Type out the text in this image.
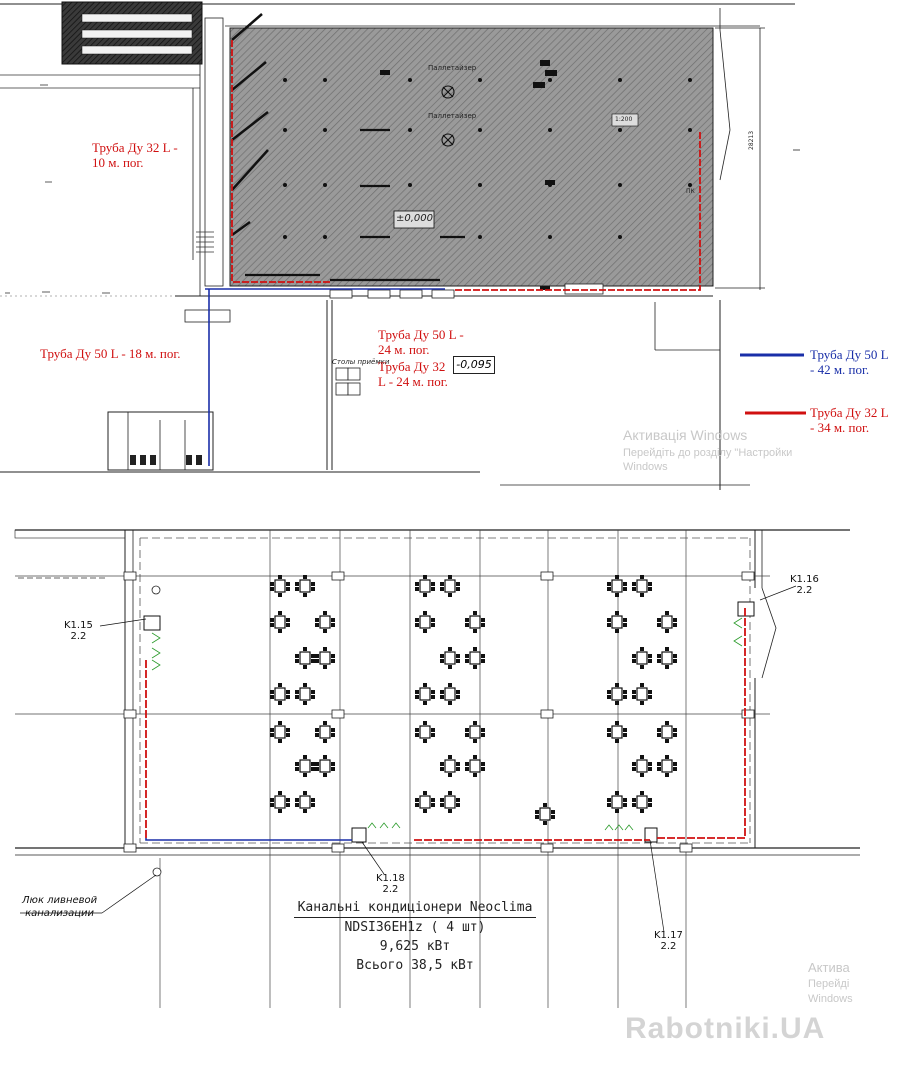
Паллетайзер
Паллетайзер
±0,000
1:200
ПК
28213
Столы приёмки	-0,095
Труба Ду 32 L -
10 м. пог.
Труба Ду 50 L - 18 м. пог.
Труба Ду 50 L -
24 м. пог.
Труба Ду 32
L - 24 м. пог.
Труба Ду 50 L
- 42 м. пог.
Труба Ду 32 L
- 34 м. пог.
Активація Windows
Перейдіть до розділу "Настройки
Windows
K1.15
2.2
K1.16
2.2
K1.18
2.2
K1.17
2.2
Люк ливневой
канализации
Актива
Перейді
Windows
Канальні кондиціонери Neoclima
NDSI36EH1z ( 4 шт)
9,625 кВт
Всього 38,5 кВт
Rabotniki.UA
